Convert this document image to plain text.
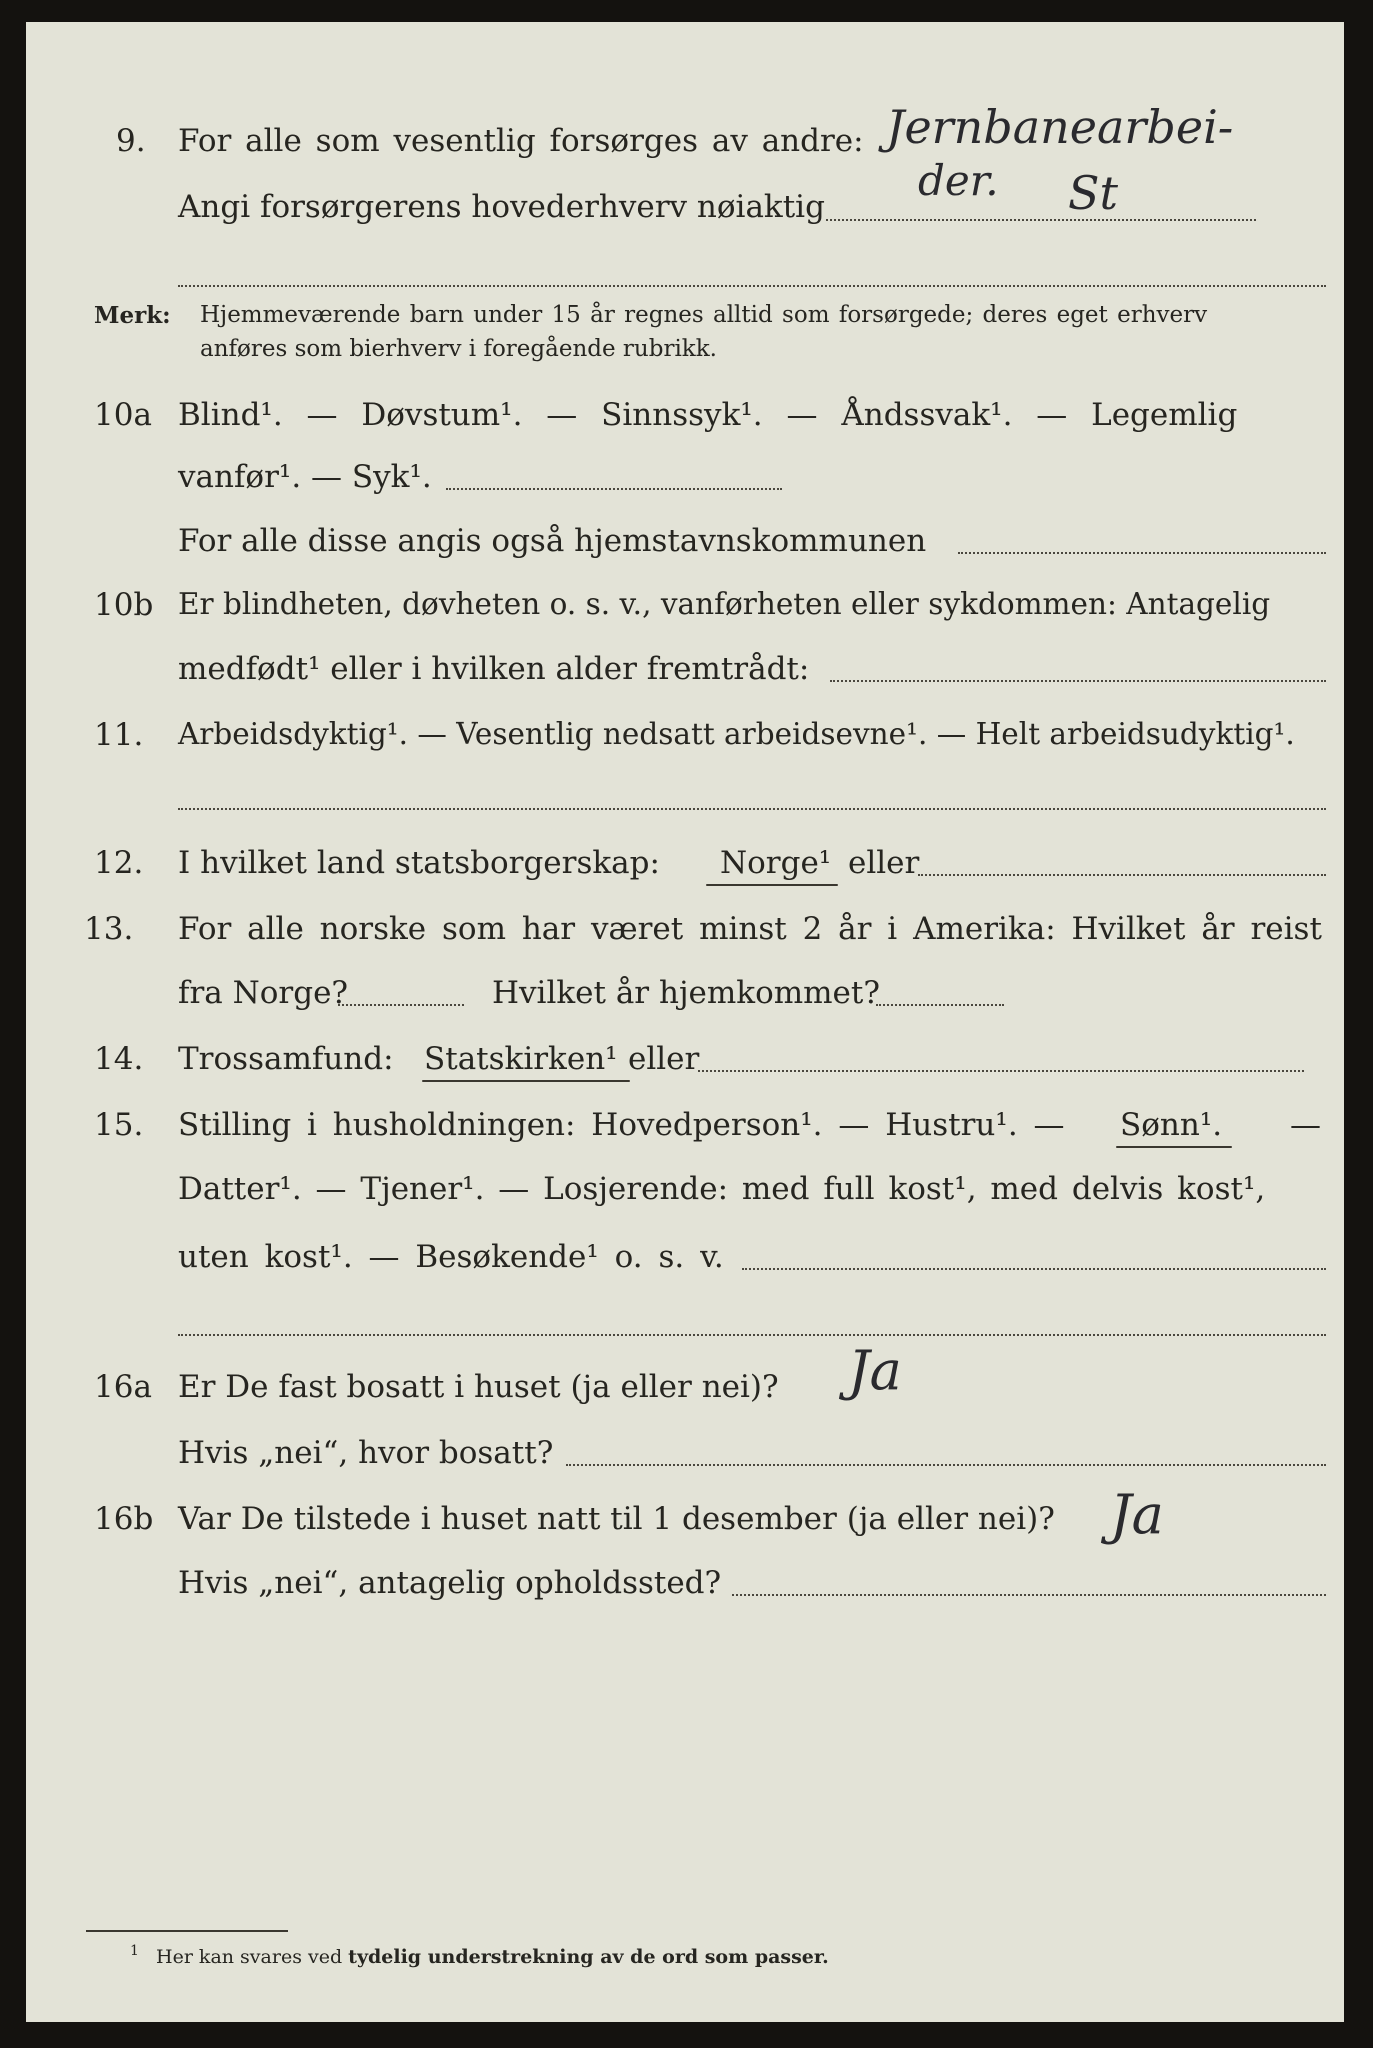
9. For alle som vesentlig forsørges av andre:
Angi forsørgerens hovederhverv nøiaktig
Jernbanearbei-
der. St
Merk: Hjemmeværende barn under 15 år regnes alltid som forsørgede; deres eget erhverv
anføres som bierhverv i foregående rubrikk.
10a Blind¹. — Døvstum¹. — Sinnssyk¹. — Åndssvak¹. — Legemlig
vanfør¹. — Syk¹.
For alle disse angis også hjemstavnskommunen
10b Er blindheten, døvheten o. s. v., vanførheten eller sykdommen: Antagelig
medfødt¹ eller i hvilken alder fremtrådt:
11. Arbeidsdyktig¹. — Vesentlig nedsatt arbeidsevne¹. — Helt arbeidsudyktig¹.
12. I hvilket land statsborgerskap: Norge¹ eller
13. For alle norske som har været minst 2 år i Amerika: Hvilket år reist
fra Norge?	Hvilket år hjemkommet?
14. Trossamfund: Statskirken¹ eller
15. Stilling i husholdningen: Hovedperson¹. — Hustru¹. — Sønn¹. —
Datter¹. — Tjener¹. — Losjerende: med full kost¹, med delvis kost¹,
uten kost¹. — Besøkende¹ o. s. v.
16a Er De fast bosatt i huset (ja eller nei)? Ja
Hvis „nei“, hvor bosatt?
16b Var De tilstede i huset natt til 1 desember (ja eller nei)? Ja
Hvis „nei“, antagelig opholdssted?
1 Her kan svares ved tydelig understrekning av de ord som passer.
